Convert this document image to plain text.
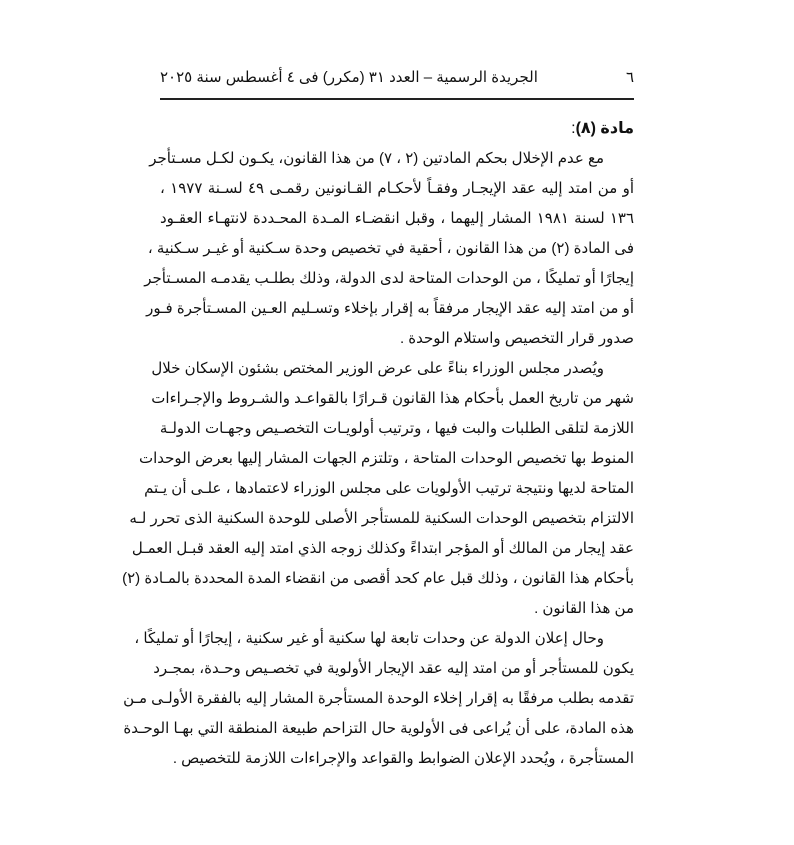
٦
الجريدة الرسمية – العدد ٣١ (مكرر) فى ٤ أغسطس سنة ٢٠٢٥
مادة (٨):

مع عدم الإخلال بحكم المادتين (٢ ، ٧) من هذا القانون، يكـون لكـل مسـتأجر

أو من امتد إليه عقد الإيجـار وفقـاً لأحكـام القـانونين رقمـى ٤٩ لسـنة ١٩٧٧ ،

١٣٦ لسنة ١٩٨١ المشار إليهما ، وقبل انقضـاء المـدة المحـددة لانتهـاء العقـود

فى المادة (٢) من هذا القانون ، أحقية في تخصيص وحدة سـكنية أو غيـر سـكنية ،

إيجارًا أو تمليكًا ، من الوحدات المتاحة لدى الدولة، وذلك بطلـب يقدمـه المسـتأجر

أو من امتد إليه عقد الإيجار مرفقاً به إقرار بإخلاء وتسـليم العـين المسـتأجرة فـور

صدور قرار التخصيص واستلام الوحدة .

ويُصدر مجلس الوزراء بناءً على عرض الوزير المختص بشئون الإسكان خلال

شهر من تاريخ العمل بأحكام هذا القانون قـرارًا بالقواعـد والشـروط والإجـراءات

اللازمة لتلقى الطلبات والبت فيها ، وترتيب أولويـات التخصـيص وجهـات الدولـة

المنوط بها تخصيص الوحدات المتاحة ، وتلتزم الجهات المشار إليها بعرض الوحدات

المتاحة لديها ونتيجة ترتيب الأولويات على مجلس الوزراء لاعتمادها ، علـى أن يـتم

الالتزام بتخصيص الوحدات السكنية للمستأجر الأصلى للوحدة السكنية الذى تحرر لـه

عقد إيجار من المالك أو المؤجر ابتداءً وكذلك زوجه الذي امتد إليه العقد قبـل العمـل

بأحكام هذا القانون ، وذلك قبل عام كحد أقصى من انقضاء المدة المحددة بالمـادة (٢)

من هذا القانون .

وحال إعلان الدولة عن وحدات تابعة لها سكنية أو غير سكنية ، إيجارًا أو تمليكًا ،

يكون للمستأجر أو من امتد إليه عقد الإيجار الأولوية في تخصـيص وحـدة، بمجـرد

تقدمه بطلب مرفقًا به إقرار إخلاء الوحدة المستأجرة المشار إليه بالفقرة الأولـى مـن

هذه المادة، على أن يُراعى فى الأولوية حال التزاحم طبيعة المنطقة التي بهـا الوحـدة

المستأجرة ، ويُحدد الإعلان الضوابط والقواعد والإجراءات اللازمة للتخصيص .
